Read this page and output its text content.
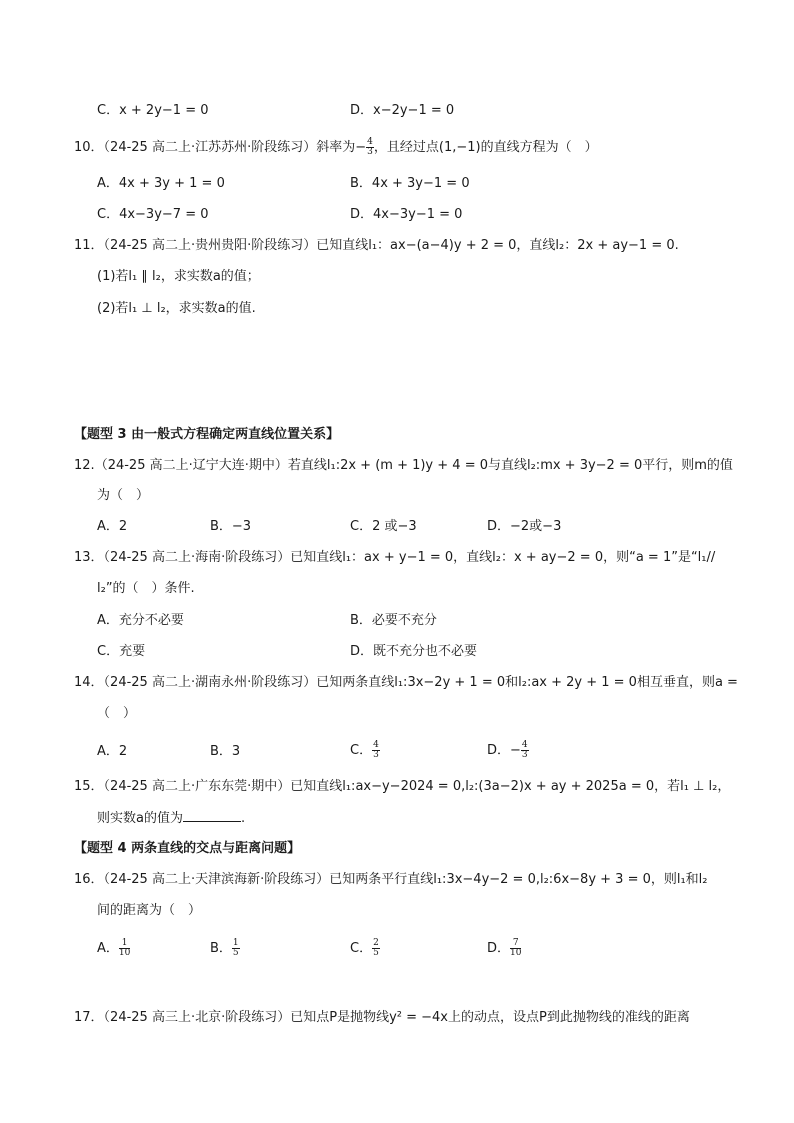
C．x + 2y−1 = 0	D．x−2y−1 = 0
10．（24-25 高二上·江苏苏州·阶段练习）斜率为− $\frac{4}{3}$ ，且经过点(1,−1)的直线方程为（　）
A．4x + 3y + 1 = 0	B．4x + 3y−1 = 0
C．4x−3y−7 = 0	D．4x−3y−1 = 0
11．（24-25 高二上·贵州贵阳·阶段练习）已知直线l₁：ax−(a−4)y + 2 = 0，直线l₂：2x + ay−1 = 0.
(1)若l₁ ∥ l₂，求实数a的值；
(2)若l₁ ⊥ l₂，求实数a的值.
【题型 3 由一般式方程确定两直线位置关系】
12.（24-25 高二上·辽宁大连·期中）若直线l₁:2x + (m + 1)y + 4 = 0与直线l₂:mx + 3y−2 = 0平行，则m的值
为（　）
A．2	B．−3	C．2 或−3	D．−2或−3
13．（24-25 高二上·海南·阶段练习）已知直线l₁：ax + y−1 = 0，直线l₂：x + ay−2 = 0，则“a = 1”是“l₁//
l₂”的（　）条件.
A．充分不必要	B．必要不充分
C．充要	D．既不充分也不必要
14．（24-25 高二上·湖南永州·阶段练习）已知两条直线l₁:3x−2y + 1 = 0和l₂:ax + 2y + 1 = 0相互垂直，则a =
（　）
A．2	B．3	C． $\frac{4}{3}$	D．− $\frac{4}{3}$
15．（24-25 高二上·广东东莞·期中）已知直线l₁:ax−y−2024 = 0,l₂:(3a−2)x + ay + 2025a = 0，若l₁ ⊥ l₂，
则实数a的值为	.
【题型 4 两条直线的交点与距离问题】
16．（24-25 高二上·天津滨海新·阶段练习）已知两条平行直线l₁:3x−4y−2 = 0,l₂:6x−8y + 3 = 0，则l₁和l₂
间的距离为（　）
A． $\frac{1}{10}$	B． $\frac{1}{5}$	C． $\frac{2}{5}$	D． $\frac{7}{10}$
17．（24-25 高三上·北京·阶段练习）已知点P是抛物线y² = −4x上的动点，设点P到此抛物线的准线的距离
